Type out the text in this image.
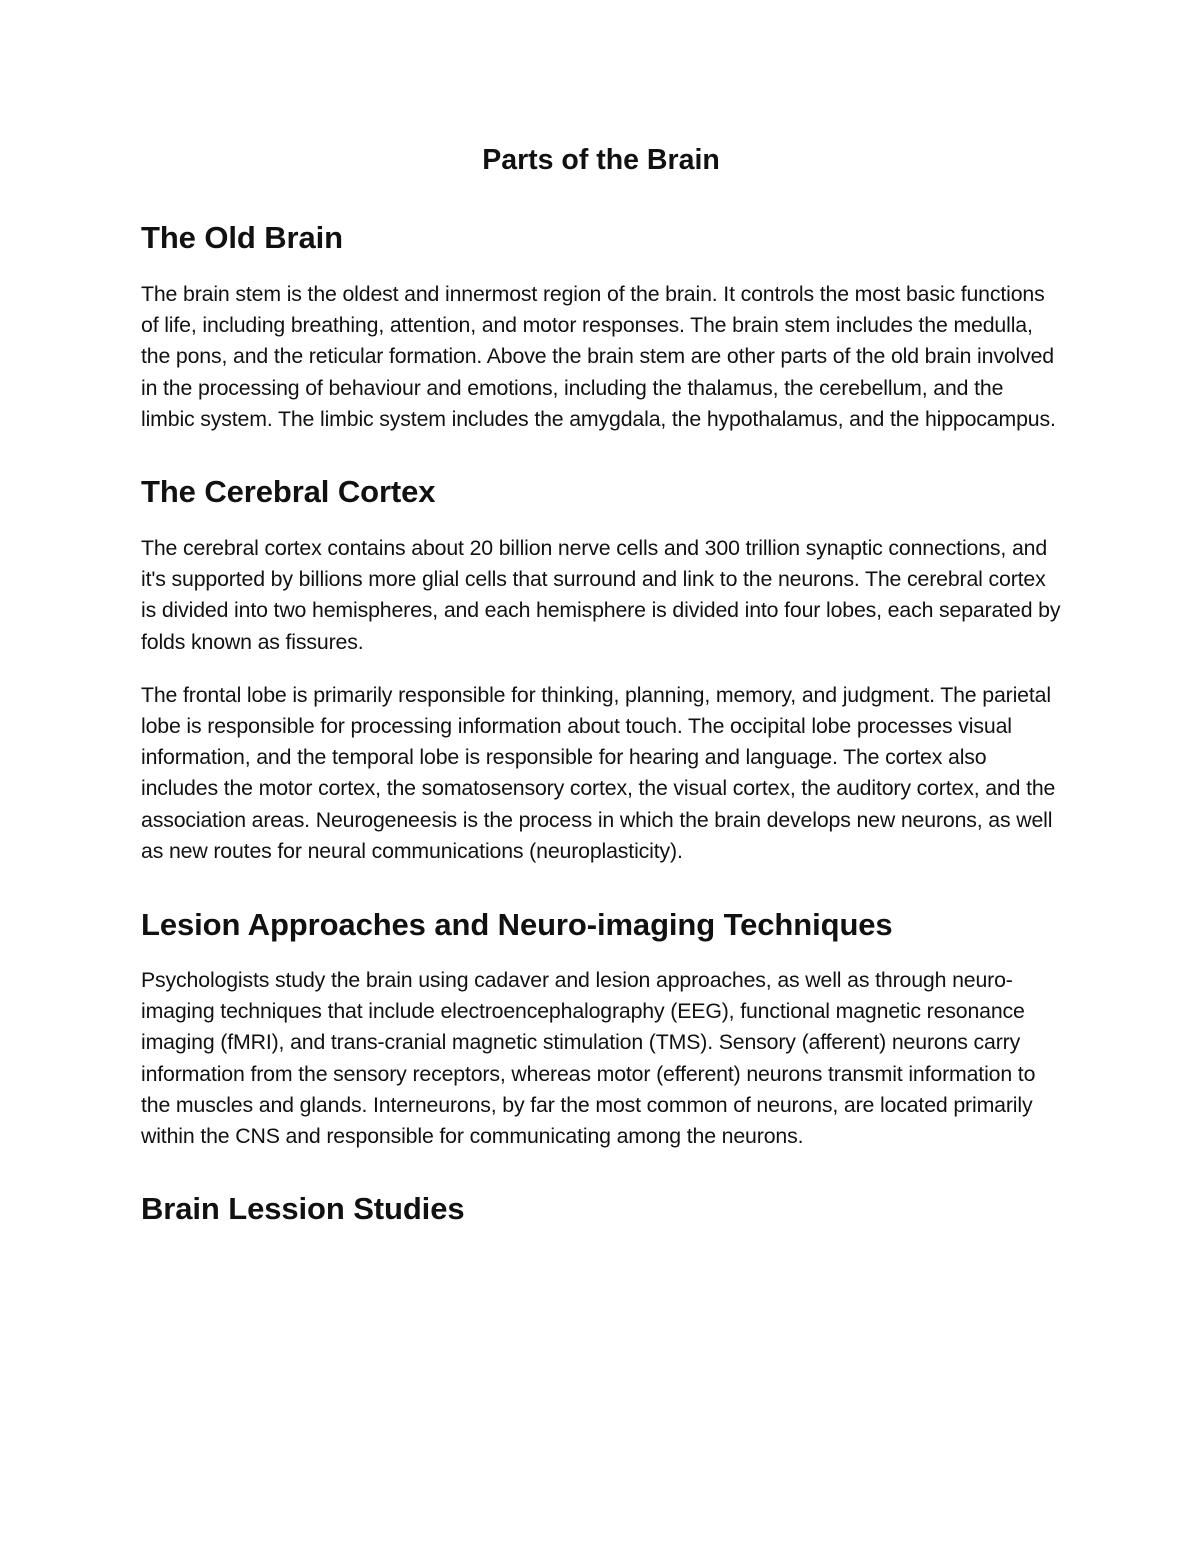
Parts of the Brain
The Old Brain

The brain stem is the oldest and innermost region of the brain. It controls the most basic functions of life, including breathing, attention, and motor responses. The brain stem includes the medulla, the pons, and the reticular formation. Above the brain stem are other parts of the old brain involved in the processing of behaviour and emotions, including the thalamus, the cerebellum, and the limbic system. The limbic system includes the amygdala, the hypothalamus, and the hippocampus.

The Cerebral Cortex

The cerebral cortex contains about 20 billion nerve cells and 300 trillion synaptic connections, and it's supported by billions more glial cells that surround and link to the neurons. The cerebral cortex is divided into two hemispheres, and each hemisphere is divided into four lobes, each separated by folds known as fissures.

The frontal lobe is primarily responsible for thinking, planning, memory, and judgment. The parietal lobe is responsible for processing information about touch. The occipital lobe processes visual information, and the temporal lobe is responsible for hearing and language. The cortex also includes the motor cortex, the somatosensory cortex, the visual cortex, the auditory cortex, and the association areas. Neurogeneesis is the process in which the brain develops new neurons, as well as new routes for neural communications (neuroplasticity).

Lesion Approaches and Neuro-imaging Techniques

Psychologists study the brain using cadaver and lesion approaches, as well as through neuro-imaging techniques that include electroencephalography (EEG), functional magnetic resonance imaging (fMRI), and trans-cranial magnetic stimulation (TMS). Sensory (afferent) neurons carry information from the sensory receptors, whereas motor (efferent) neurons transmit information to the muscles and glands. Interneurons, by far the most common of neurons, are located primarily within the CNS and responsible for communicating among the neurons.

Brain Lession Studies
